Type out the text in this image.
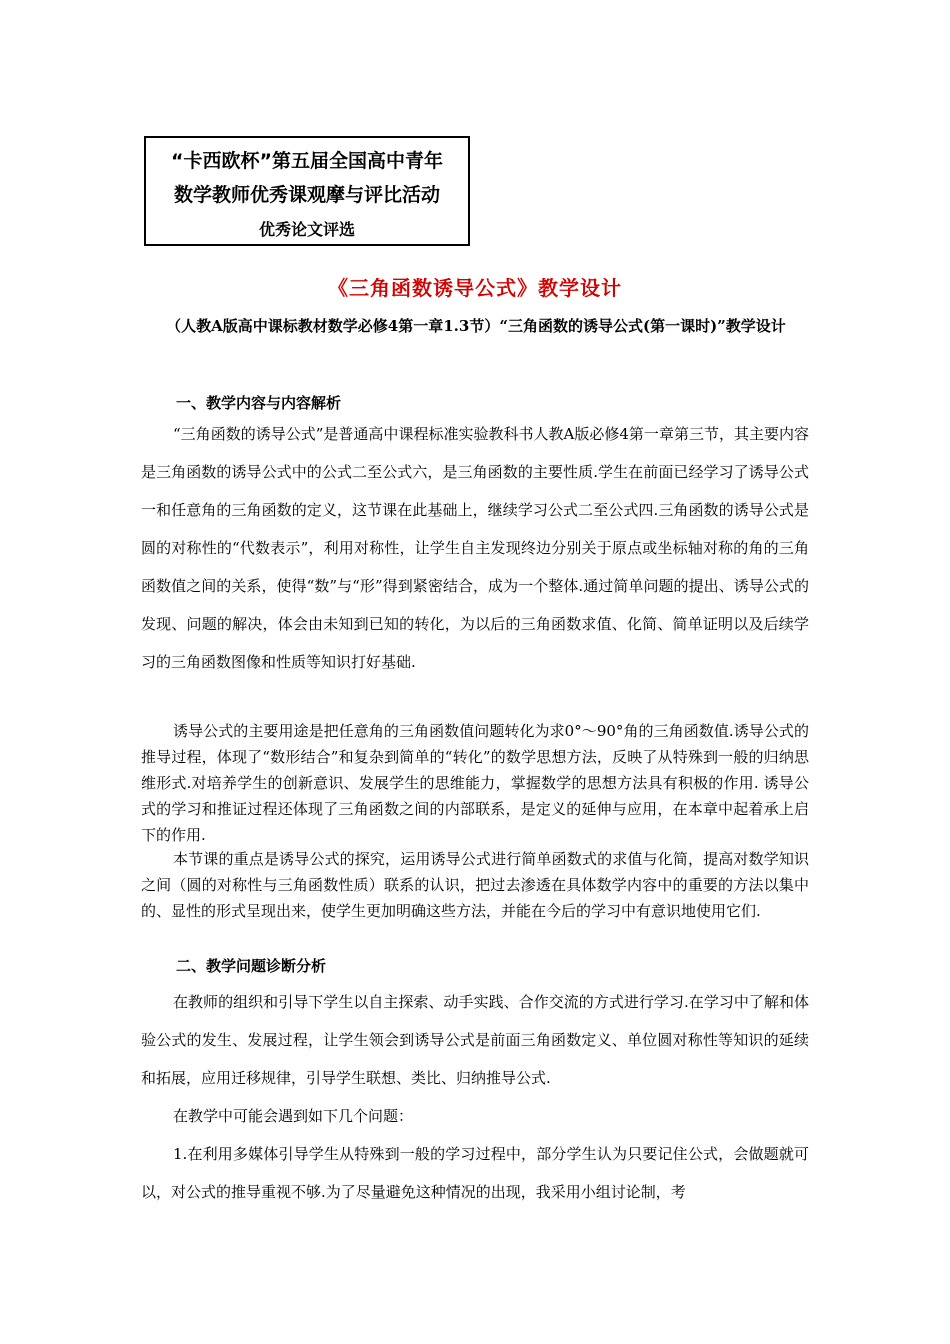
“卡西欧杯”第五届全国高中青年
数学教师优秀课观摩与评比活动
优秀论文评选
《三角函数诱导公式》教学设计
（人教A版高中课标教材数学必修4第一章1.3节）“三角函数的诱导公式(第一课时)”教学设计
一、教学内容与内容解析

“三角函数的诱导公式”是普通高中课程标准实验教科书人教A版必修4第一章第三节，其主要内容是三角函数的诱导公式中的公式二至公式六，是三角函数的主要性质.学生在前面已经学习了诱导公式一和任意角的三角函数的定义，这节课在此基础上，继续学习公式二至公式四.三角函数的诱导公式是圆的对称性的“代数表示”，利用对称性，让学生自主发现终边分别关于原点或坐标轴对称的角的三角函数值之间的关系，使得“数”与“形”得到紧密结合，成为一个整体.通过简单问题的提出、诱导公式的发现、问题的解决，体会由未知到已知的转化，为以后的三角函数求值、化简、简单证明以及后续学习的三角函数图像和性质等知识打好基础.

诱导公式的主要用途是把任意角的三角函数值问题转化为求0°～90°角的三角函数值.诱导公式的推导过程，体现了“数形结合”和复杂到简单的“转化”的数学思想方法，反映了从特殊到一般的归纳思维形式.对培养学生的创新意识、发展学生的思维能力，掌握数学的思想方法具有积极的作用. 诱导公式的学习和推证过程还体现了三角函数之间的内部联系，是定义的延伸与应用，在本章中起着承上启下的作用.

本节课的重点是诱导公式的探究，运用诱导公式进行简单函数式的求值与化简，提高对数学知识之间（圆的对称性与三角函数性质）联系的认识，把过去渗透在具体数学内容中的重要的方法以集中的、显性的形式呈现出来，使学生更加明确这些方法，并能在今后的学习中有意识地使用它们.

二、教学问题诊断分析

在教师的组织和引导下学生以自主探索、动手实践、合作交流的方式进行学习.在学习中了解和体验公式的发生、发展过程，让学生领会到诱导公式是前面三角函数定义、单位圆对称性等知识的延续和拓展，应用迁移规律，引导学生联想、类比、归纳推导公式.

在教学中可能会遇到如下几个问题：

1.在利用多媒体引导学生从特殊到一般的学习过程中，部分学生认为只要记住公式，会做题就可以，对公式的推导重视不够.为了尽量避免这种情况的出现，我采用小组讨论制，考
